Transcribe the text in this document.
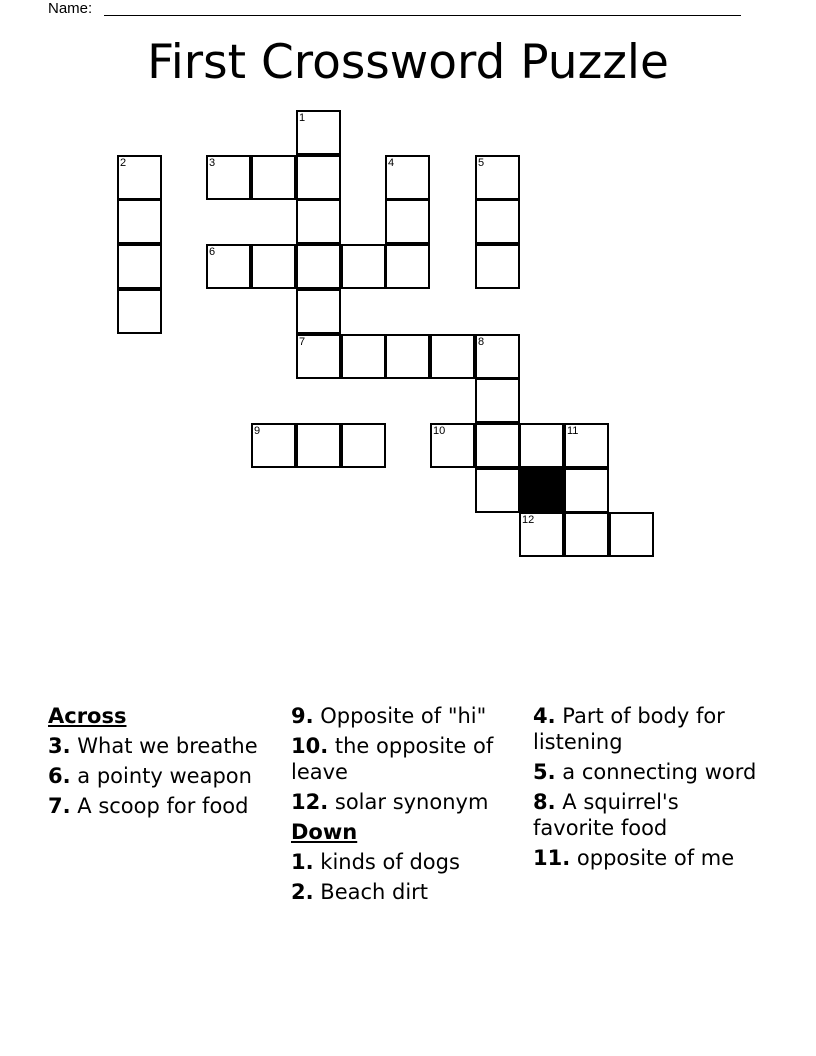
Name:
First Crossword Puzzle
1
2	3	4	5
6
7	8
9	10	11
12
Across
3. What we breathe
6. a pointy weapon
7. A scoop for food
9. Opposite of "hi"
10. the opposite of leave
12. solar synonym
Down
1. kinds of dogs
2. Beach dirt
4. Part of body for listening
5. a connecting word
8. A squirrel's favorite food
11. opposite of me
